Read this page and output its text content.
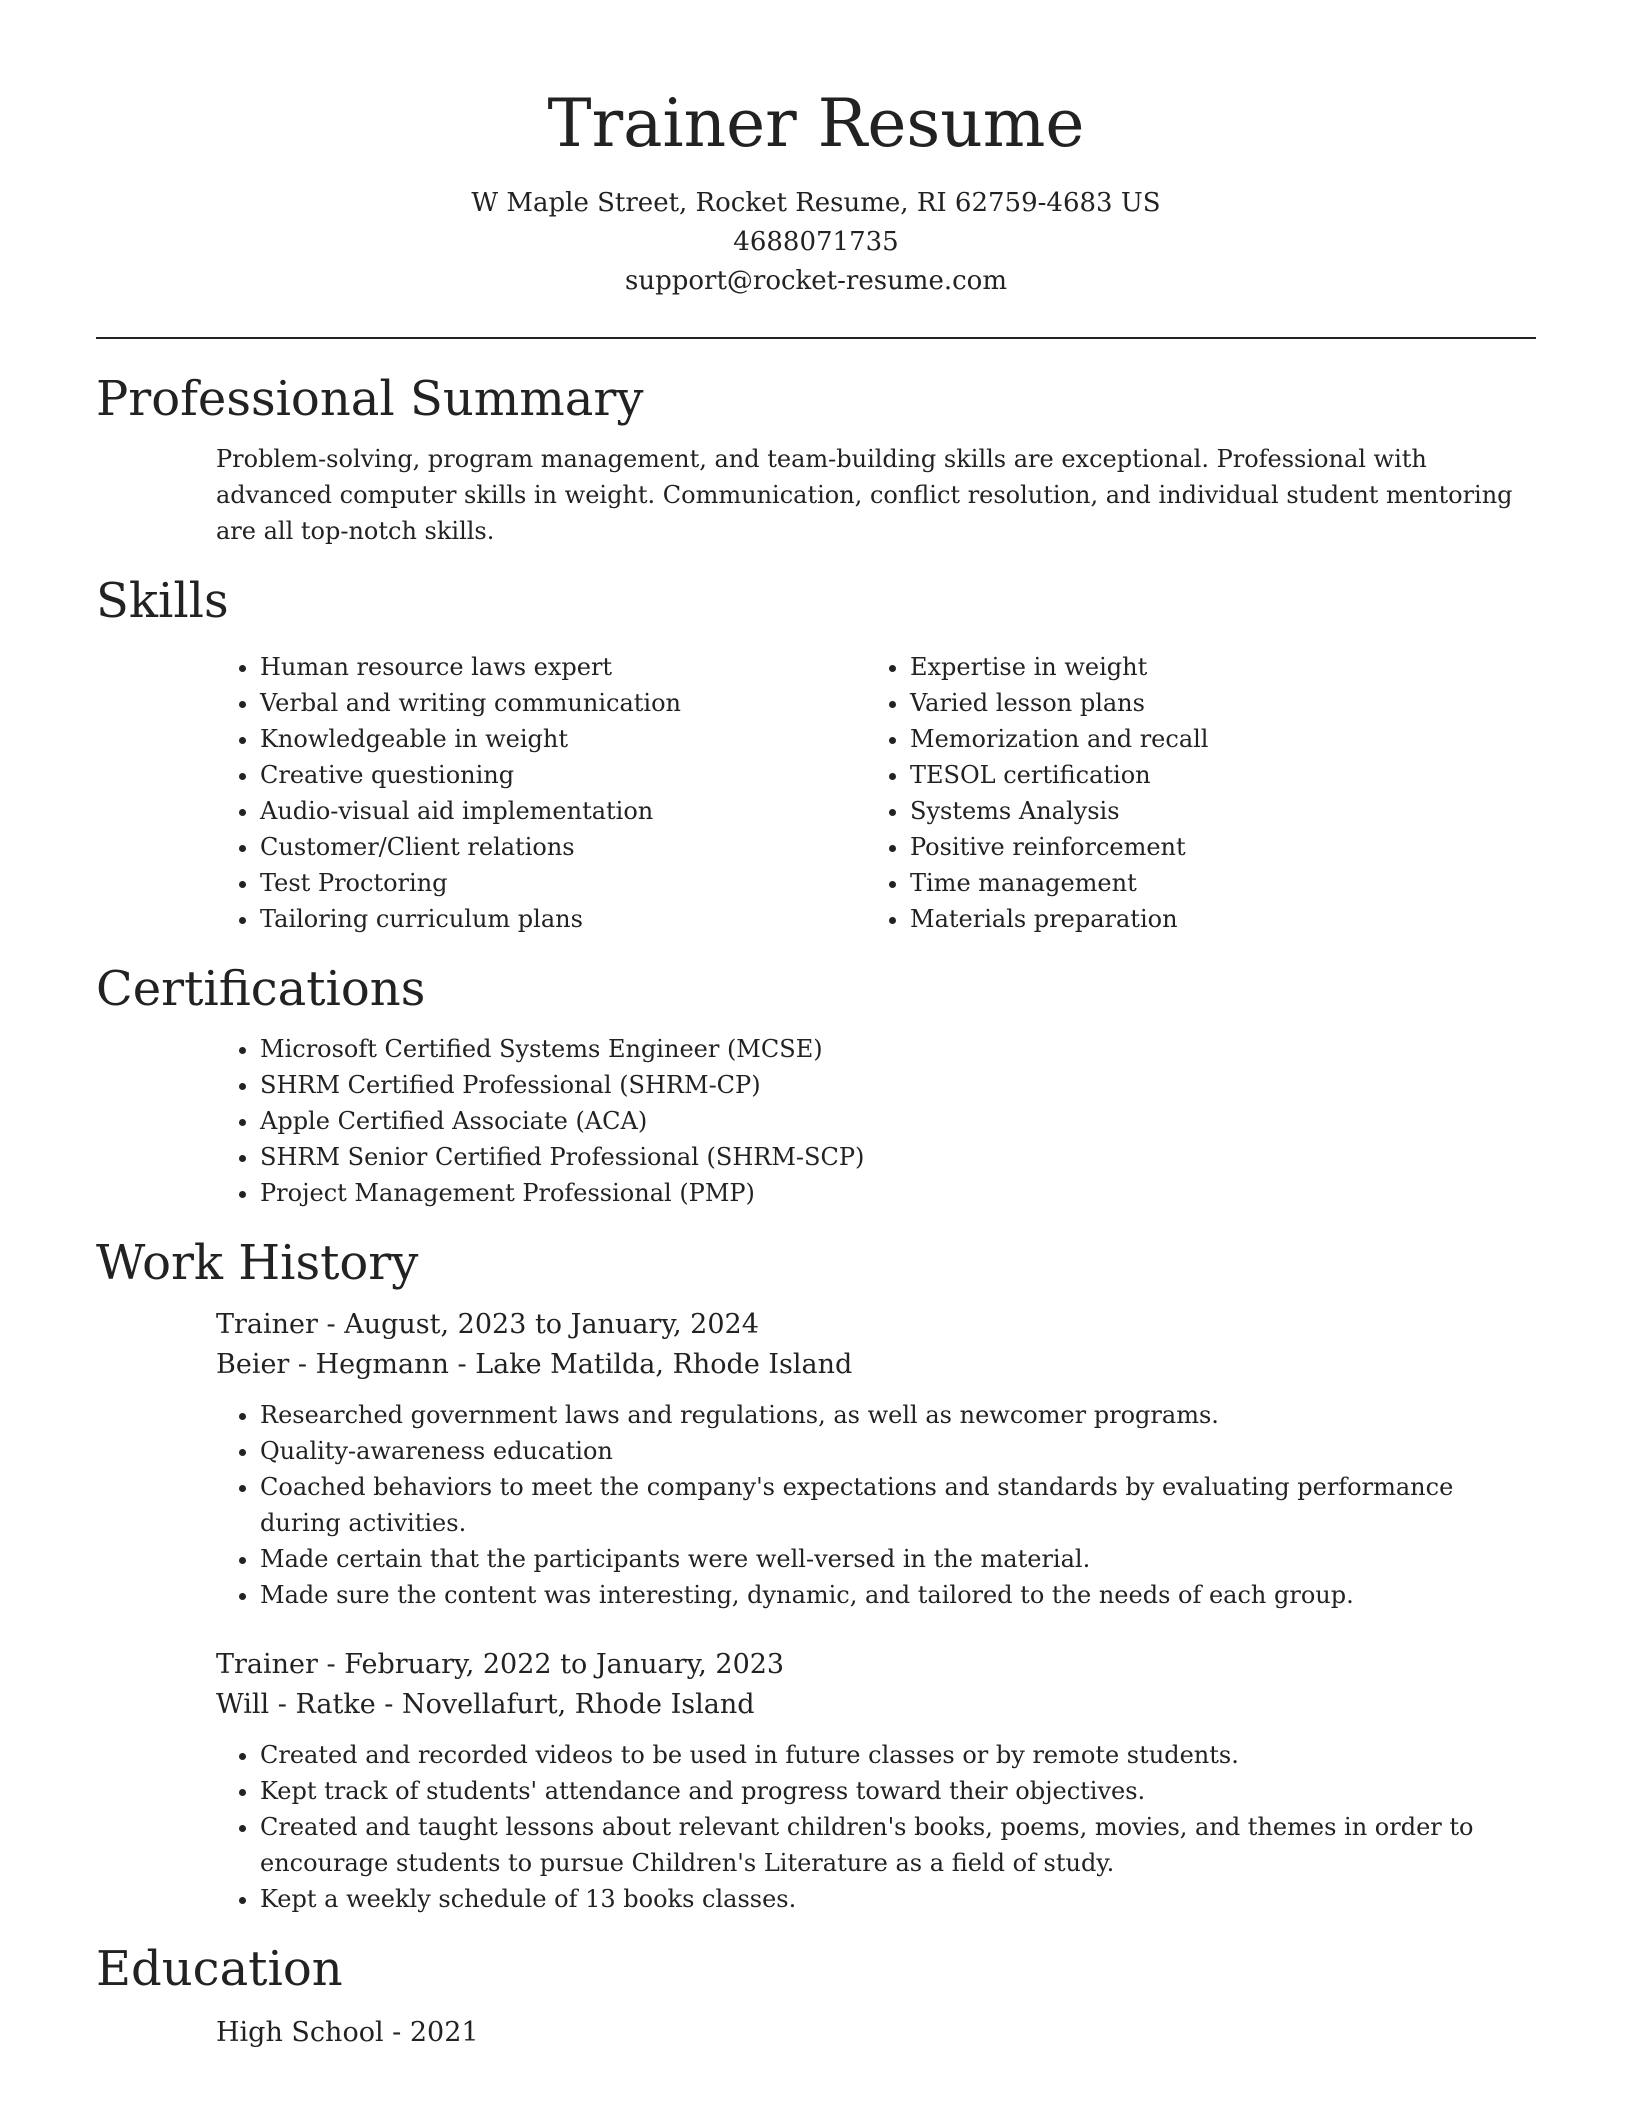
Trainer Resume

W Maple Street, Rocket Resume, RI 62759-4683 US

4688071735

support@rocket-resume.com

Professional Summary

Problem-solving, program management, and team-building skills are exceptional. Professional with advanced computer skills in weight. Communication, conflict resolution, and individual student mentoring are all top-notch skills.

Skills
• Human resource laws expert
• Verbal and writing communication
• Knowledgeable in weight
• Creative questioning
• Audio-visual aid implementation
• Customer/Client relations
• Test Proctoring
• Tailoring curriculum plans
• Expertise in weight
• Varied lesson plans
• Memorization and recall
• TESOL certification
• Systems Analysis
• Positive reinforcement
• Time management
• Materials preparation
Certifications
• Microsoft Certified Systems Engineer (MCSE)
• SHRM Certified Professional (SHRM-CP)
• Apple Certified Associate (ACA)
• SHRM Senior Certified Professional (SHRM-SCP)
• Project Management Professional (PMP)
Work History

Trainer - August, 2023 to January, 2024

Beier - Hegmann - Lake Matilda, Rhode Island

• Researched government laws and regulations, as well as newcomer programs.
• Quality-awareness education
• Coached behaviors to meet the company's expectations and standards by evaluating performance during activities.
• Made certain that the participants were well-versed in the material.
• Made sure the content was interesting, dynamic, and tailored to the needs of each group.

Trainer - February, 2022 to January, 2023

Will - Ratke - Novellafurt, Rhode Island

• Created and recorded videos to be used in future classes or by remote students.
• Kept track of students' attendance and progress toward their objectives.
• Created and taught lessons about relevant children's books, poems, movies, and themes in order to encourage students to pursue Children's Literature as a field of study.
• Kept a weekly schedule of 13 books classes.
Education

High School - 2021
